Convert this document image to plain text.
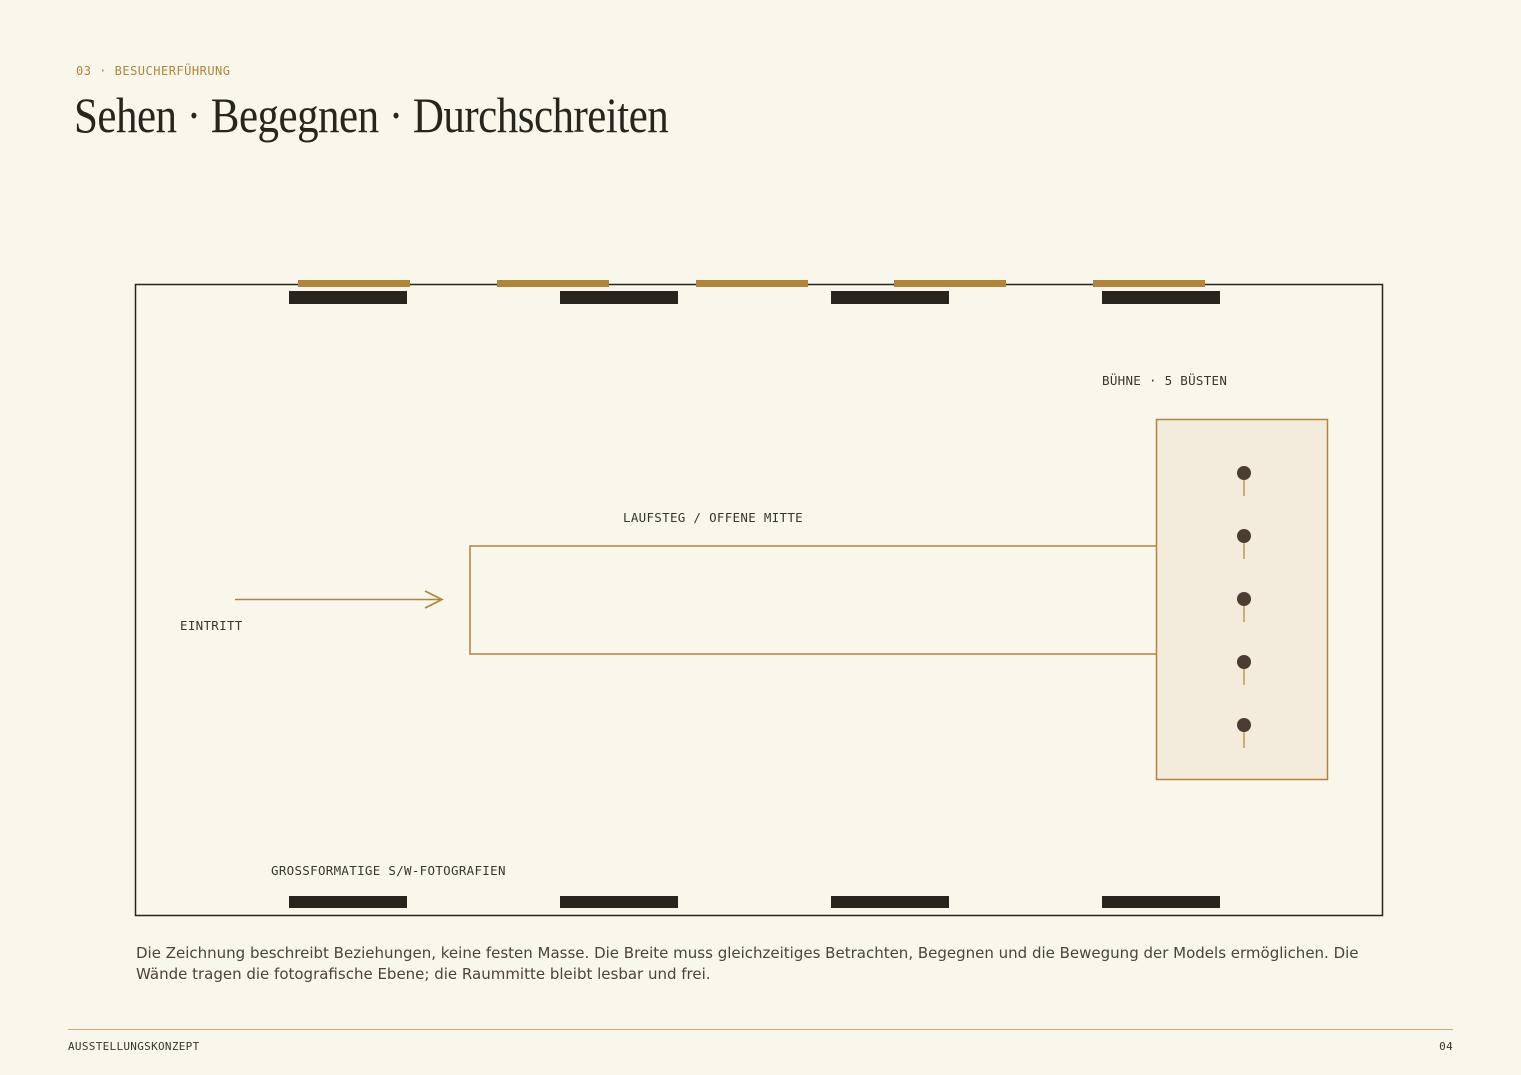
03 · BESUCHERFÜHRUNG
Sehen · Begegnen · Durchschreiten
BÜHNE · 5 BÜSTEN
LAUFSTEG / OFFENE MITTE
EINTRITT
GROSSFORMATIGE S/W-FOTOGRAFIEN

Die Zeichnung beschreibt Beziehungen, keine festen Masse. Die Breite muss gleichzeitiges Betrachten, Begegnen und die Bewegung der Models ermöglichen. Die Wände tragen die fotografische Ebene; die Raummitte bleibt lesbar und frei.

AUSSTELLUNGSKONZEPT	04
